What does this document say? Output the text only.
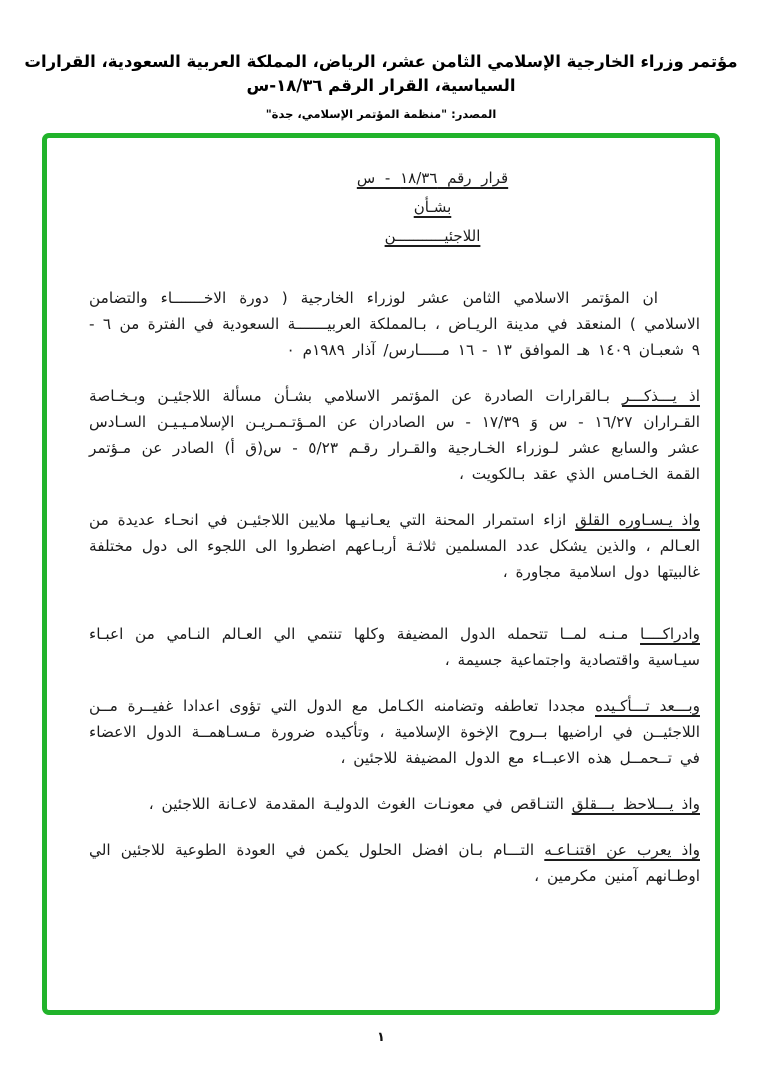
مؤتمر وزراء الخارجية الإسلامي الثامن عشر، الرياض، المملكة العربية السعودية، القرارات السياسية، القرار الرقم ١٨/٣٦-س
المصدر: "منظمة المؤتمر الإسلامي، جدة"
قرار رقم ١٨/٣٦ - س
بشـأن
اللاجئيـــــــــــن
ان المؤتمر الاسلامي الثامن عشر لوزراء الخارجية ( دورة الاخـــــــاء والتضامن الاسلامي ) المنعقد في مدينة الريـاض ، بـالمملكة العربيـــــــة السعودية في الفترة من ٦ - ٩ شعبـان ١٤٠٩ هـ الموافق ١٣ - ١٦ مـــــارس/ آذار ١٩٨٩م ٠
اذ يـــذكـــر بـالقرارات الصادرة عن المؤتمر الاسلامي بشـأن مسألة اللاجئيـن وبـخـاصة القـراران ١٦/٢٧ - س وَ ١٧/٣٩ - س الصادران عن المـؤتـمـريـن الإسلامـيـيـن السـادس عشر والسابع عشر لـوزراء الخـارجية والقـرار رقـم ٥/٢٣ - س(ق أ) الصادر عن مـؤتمر القمة الخـامس الذي عقد بـالكويت ،
واذ يـسـاوره القلق ازاء استمرار المحنة التي يعـانيـها ملايين اللاجئيـن في انحـاء عديدة من العـالم ، والذين يشكل عدد المسلمين ثلاثـة أربـاعهم اضطروا الى اللجوء الى دول مختلفة غالبيتها دول اسلامية مجاورة ،
وادراكــــا مـنـه لمــا تتحمله الدول المضيفة وكلها تنتمي الي العـالم النـامي من اعبـاء سيـاسية واقتصادية واجتماعية جسيمة ،
وبـــعد تـــأكـيده مجددا تعاطفه وتضامنه الكـامل مع الدول التي تؤوى اعدادا غفيــرة مــن اللاجئيــن في اراضيها بــروح الإخوة الإسلامية ، وتأكيده ضرورة مـسـاهمــة الدول الاعضاء في تــحمــل هذه الاعبــاء مع الدول المضيفة للاجئين ،
واذ يـــلاحظ بـــقلق التنـاقص في معونـات الغوث الدوليـة المقدمة لاعـانة اللاجئين ،
واذ يعرب عن اقتنـاعـه التـــام بـان افضل الحلول يكمن في العودة الطوعية للاجئين الي اوطـانهم آمنين مكرمين ،
١
